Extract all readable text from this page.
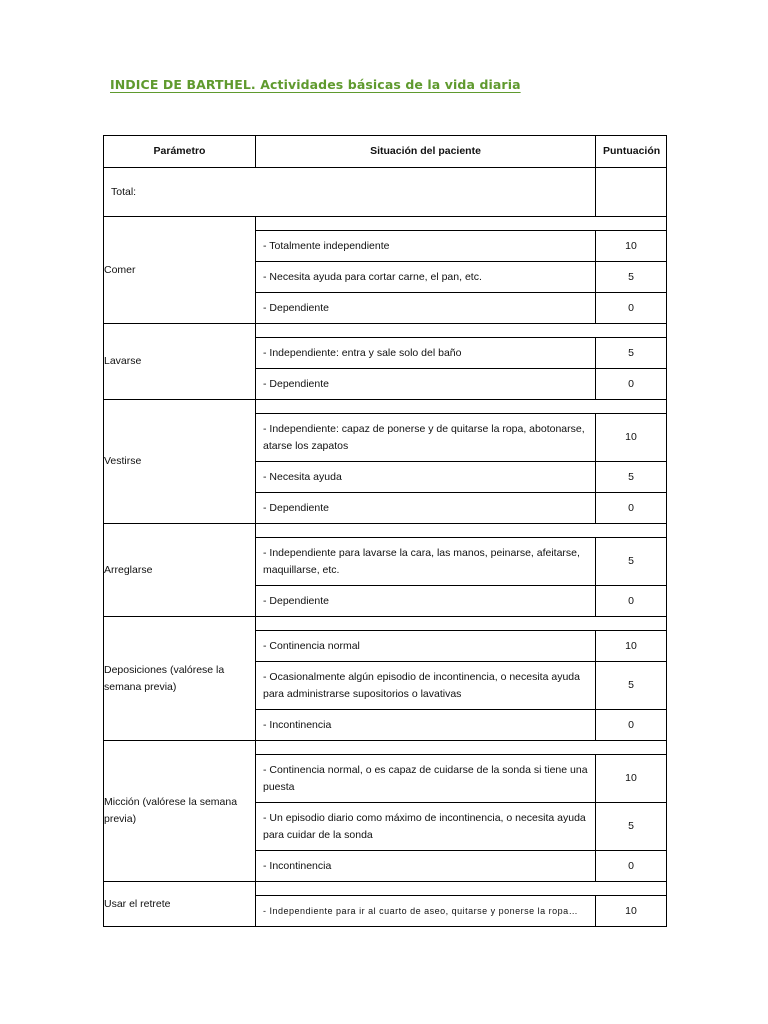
INDICE DE BARTHEL. Actividades básicas de la vida diaria
Parámetro	Situación del paciente	Puntuación
Total:		
Comer		
	- Totalmente independiente	10
	- Necesita ayuda para cortar carne, el pan, etc.	5
	- Dependiente	0
Lavarse		
	- Independiente: entra y sale solo del baño	5
	- Dependiente	0
Vestirse		
	- Independiente: capaz de ponerse y de quitarse la ropa, abotonarse, atarse los zapatos	10
	- Necesita ayuda	5
	- Dependiente	0
Arreglarse		
	- Independiente para lavarse la cara, las manos, peinarse, afeitarse, maquillarse, etc.	5
	- Dependiente	0
Deposiciones (valórese la semana previa)		
	- Continencia normal	10
	- Ocasionalmente algún episodio de incontinencia, o necesita ayuda para administrarse supositorios o lavativas	5
	- Incontinencia	0
Micción (valórese la semana previa)		
	- Continencia normal, o es capaz de cuidarse de la sonda si tiene una puesta	10
	- Un episodio diario como máximo de incontinencia, o necesita ayuda para cuidar de la sonda	5
	- Incontinencia	0
Usar el retrete		
	- Independiente para ir al cuarto de aseo, quitarse y ponerse la ropa…	10
